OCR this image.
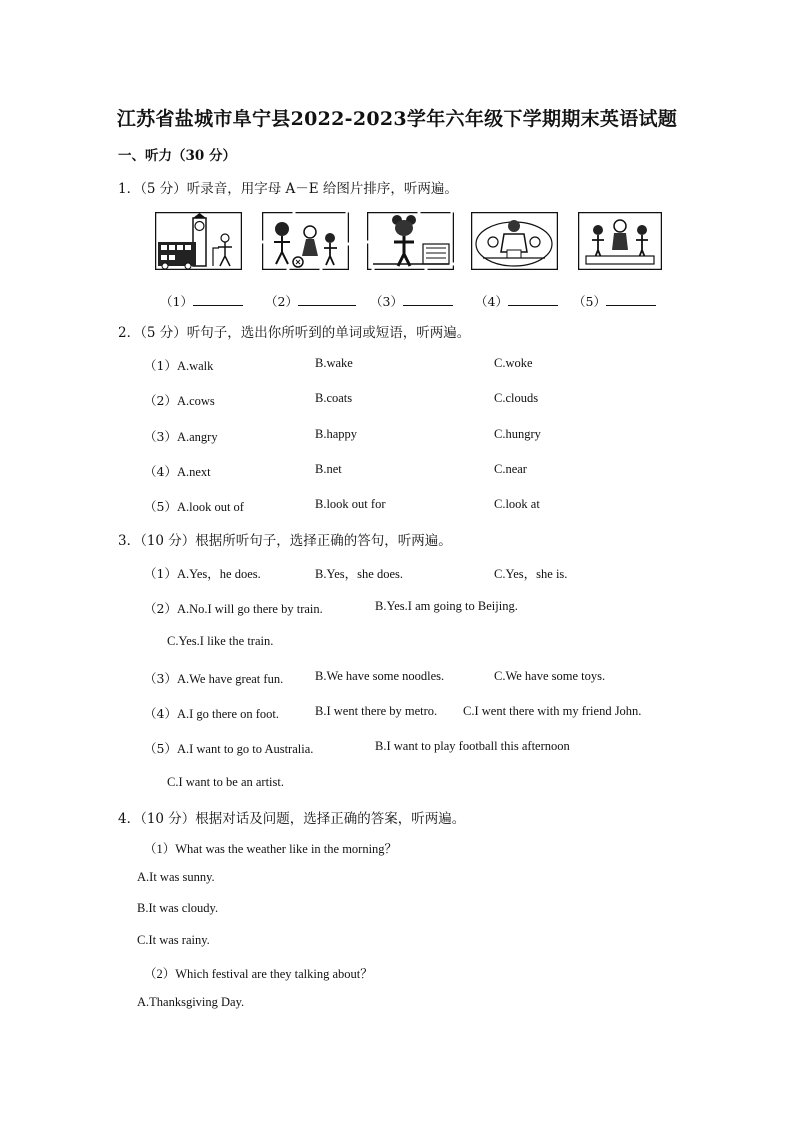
江苏省盐城市阜宁县2022-2023学年六年级下学期期末英语试题
一、听力（30 分）
1．（5 分）听录音，用字母 A－E 给图片排序，听两遍。
（1）	（2）	（3）	（4）	（5）
2．（5 分）听句子，选出你所听到的单词或短语，听两遍。
（1）A.walk	B.wake	C.woke
（2）A.cows	B.coats	C.clouds
（3）A.angry	B.happy	C.hungry
（4）A.next	B.net	C.near
（5）A.look out of	B.look out for	C.look at
3．（10 分）根据所听句子，选择正确的答句，听两遍。
（1）A.Yes，he does.	B.Yes，she does.	C.Yes，she is.
（2）A.No.I will go there by train.	B.Yes.I am going to Beijing.
C.Yes.I like the train.
（3）A.We have great fun.	B.We have some noodles.	C.We have some toys.
（4）A.I go there on foot.	B.I went there by metro. C.I went there with my friend John.
（5）A.I want to go to Australia.	B.I want to play football this afternoon
C.I want to be an artist.
4．（10 分）根据对话及问题，选择正确的答案，听两遍。
（1）What was the weather like in the morning？
A.It was sunny.
B.It was cloudy.
C.It was rainy.
（2）Which festival are they talking about？
A.Thanksgiving Day.
